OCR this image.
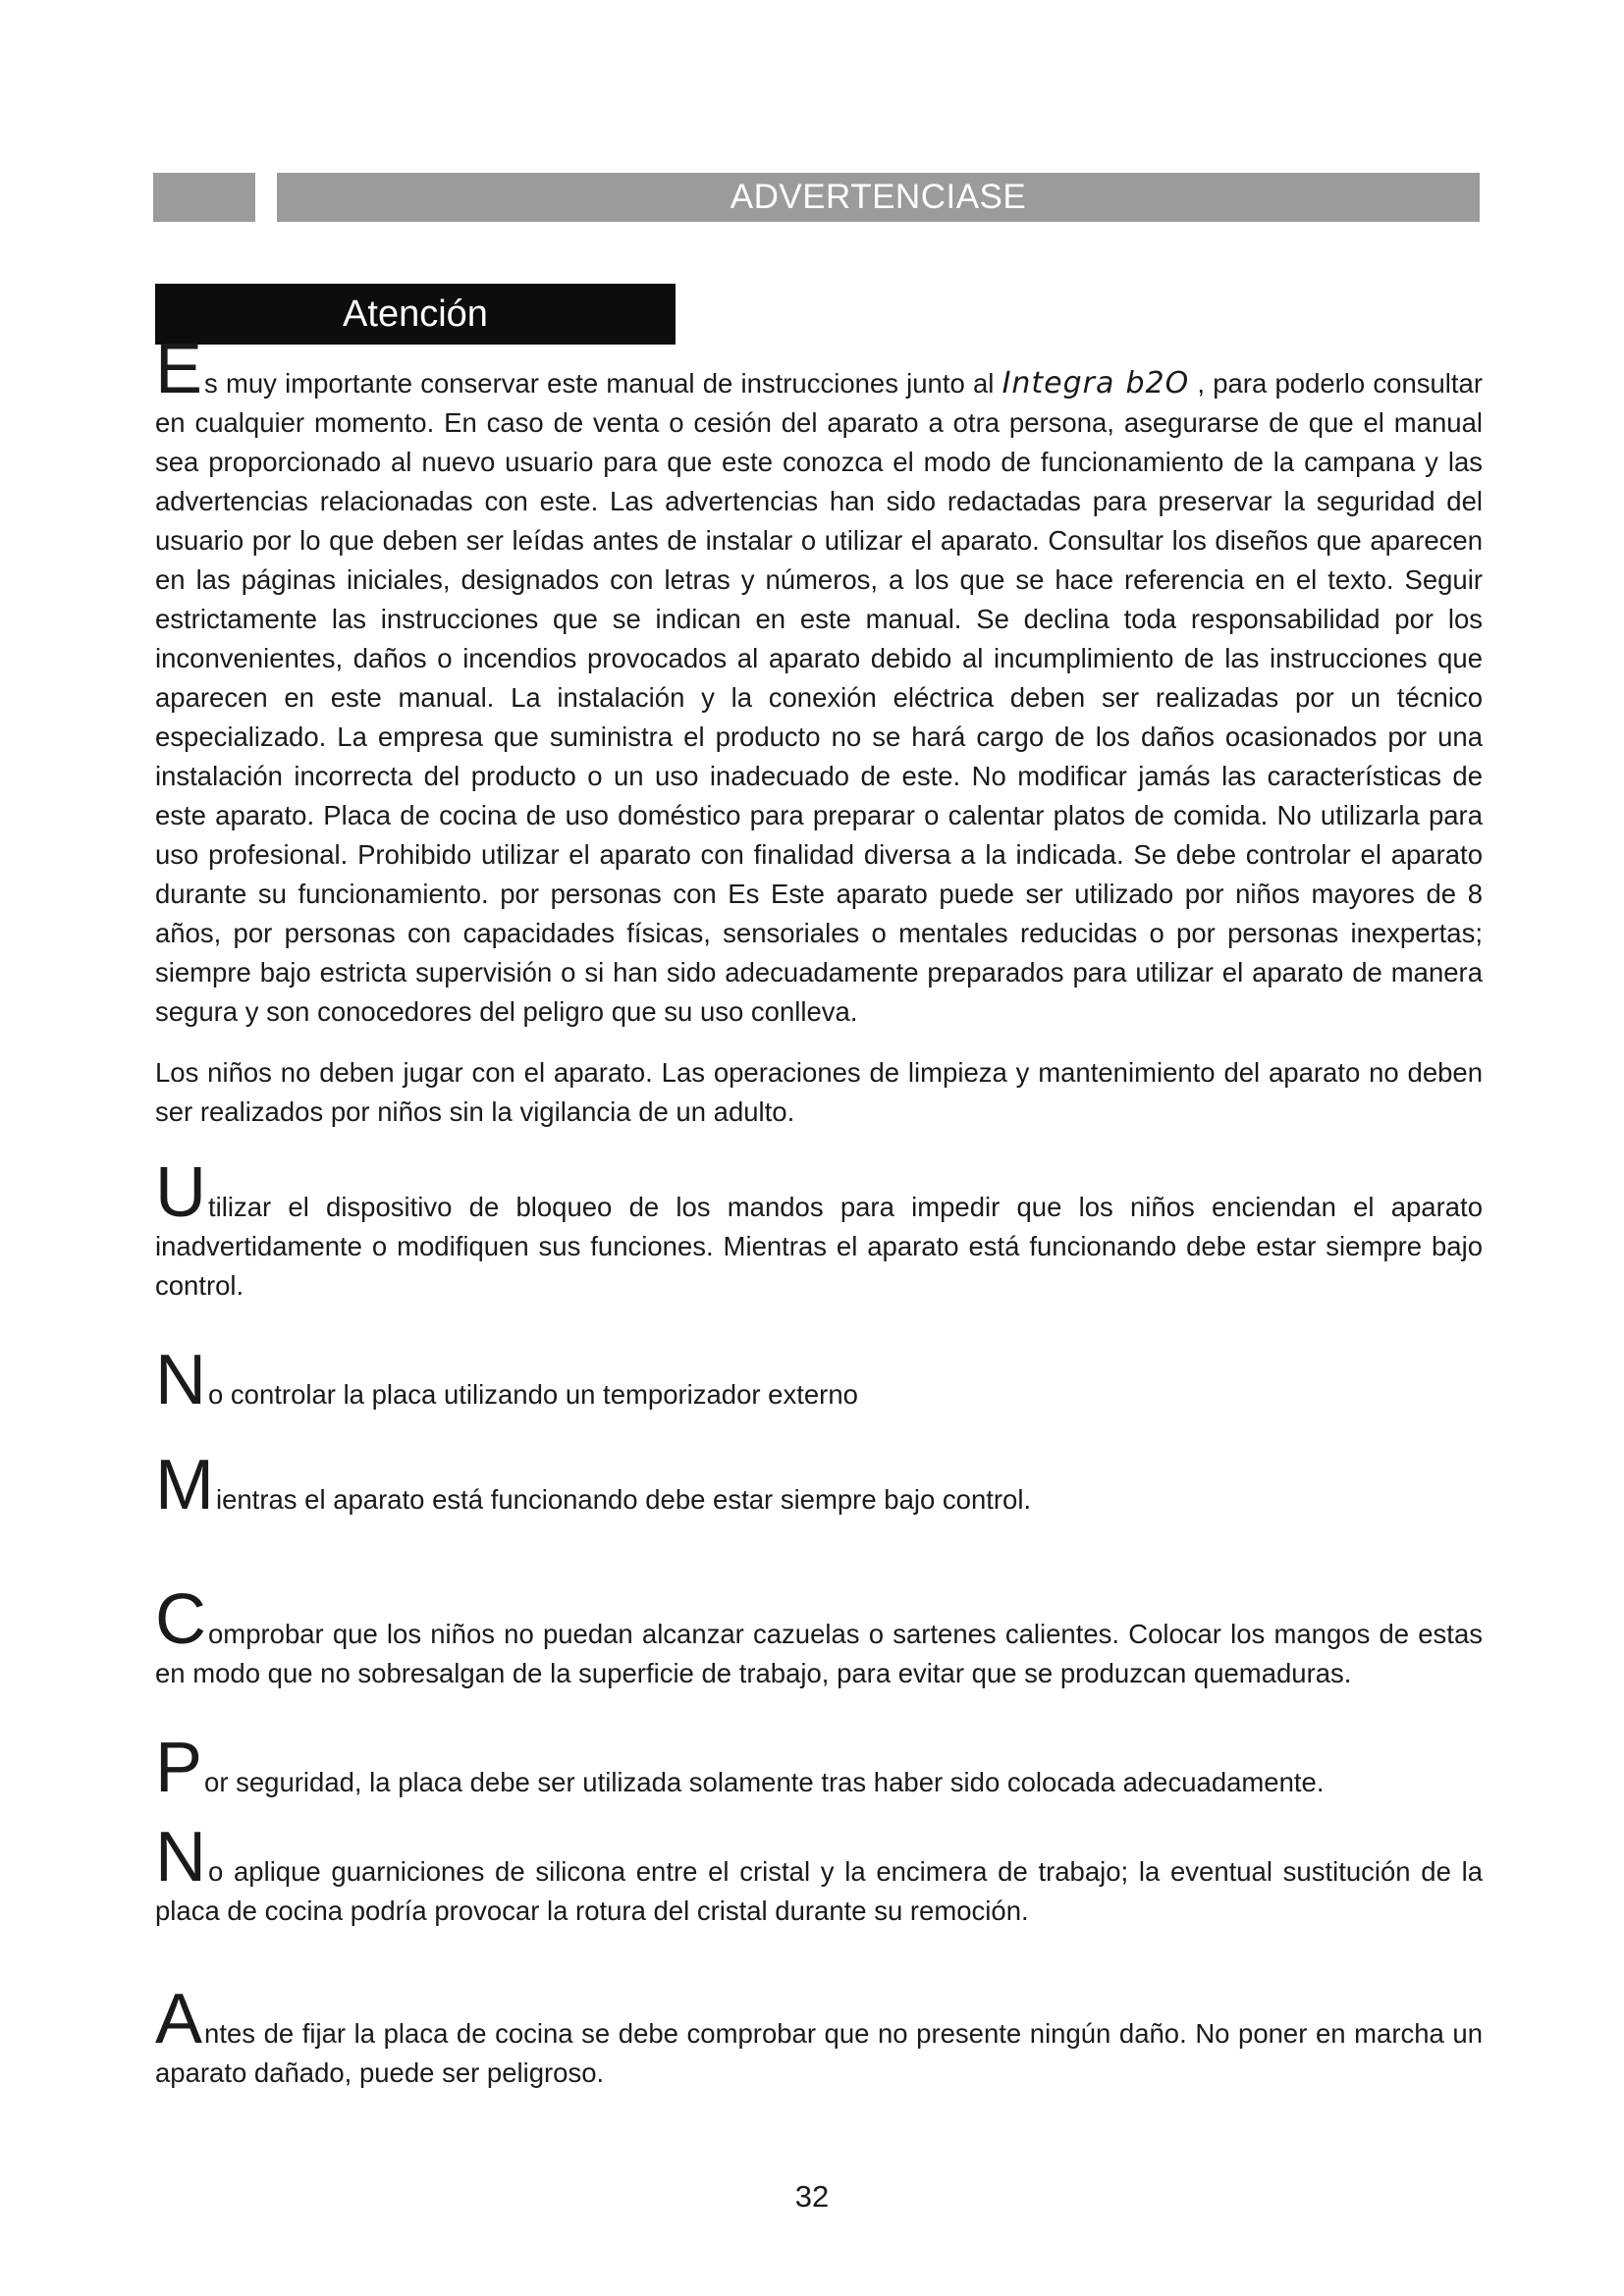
ADVERTENCIASE
Atención

Es muy importante conservar este manual de instrucciones junto al Integra b2O , para poderlo consultar en cualquier momento. En caso de venta o cesión del aparato a otra persona, asegurarse de que el manual sea proporcionado al nuevo usuario para que este conozca el modo de funcionamiento de la campana y las advertencias relacionadas con este. Las advertencias han sido redactadas para preservar la seguridad del usuario por lo que deben ser leídas antes de instalar o utilizar el aparato. Consultar los diseños que aparecen en las páginas iniciales, designados con letras y números, a los que se hace referencia en el texto. Seguir estrictamente las instrucciones que se indican en este manual. Se declina toda responsabilidad por los inconvenientes, daños o incendios provocados al aparato debido al incumplimiento de las instrucciones que aparecen en este manual. La instalación y la conexión eléctrica deben ser realizadas por un técnico especializado. La empresa que suministra el producto no se hará cargo de los daños ocasionados por una instalación incorrecta del producto o un uso inadecuado de este. No modificar jamás las características de este aparato. Placa de cocina de uso doméstico para preparar o calentar platos de comida. No utilizarla para uso profesional. Prohibido utilizar el aparato con finalidad diversa a la indicada. Se debe controlar el aparato durante su funcionamiento. por personas con Es Este aparato puede ser utilizado por niños mayores de 8 años, por personas con capacidades físicas, sensoriales o mentales reducidas o por personas inexpertas; siempre bajo estricta supervisión o si han sido adecuadamente preparados para utilizar el aparato de manera segura y son conocedores del peligro que su uso conlleva.

Los niños no deben jugar con el aparato. Las operaciones de limpieza y mantenimiento del aparato no deben ser realizados por niños sin la vigilancia de un adulto.

Utilizar el dispositivo de bloqueo de los mandos para impedir que los niños enciendan el aparato inadvertidamente o modifiquen sus funciones. Mientras el aparato está funcionando debe estar siempre bajo control.

No controlar la placa utilizando un temporizador externo

Mientras el aparato está funcionando debe estar siempre bajo control.

Comprobar que los niños no puedan alcanzar cazuelas o sartenes calientes. Colocar los mangos de estas en modo que no sobresalgan de la superficie de trabajo, para evitar que se produzcan quemaduras.

Por seguridad, la placa debe ser utilizada solamente tras haber sido colocada adecuadamente.

No aplique guarniciones de silicona entre el cristal y la encimera de trabajo; la eventual sustitución de la placa de cocina podría provocar la rotura del cristal durante su remoción.

Antes de fijar la placa de cocina se debe comprobar que no presente ningún daño. No poner en marcha un aparato dañado, puede ser peligroso.

32
